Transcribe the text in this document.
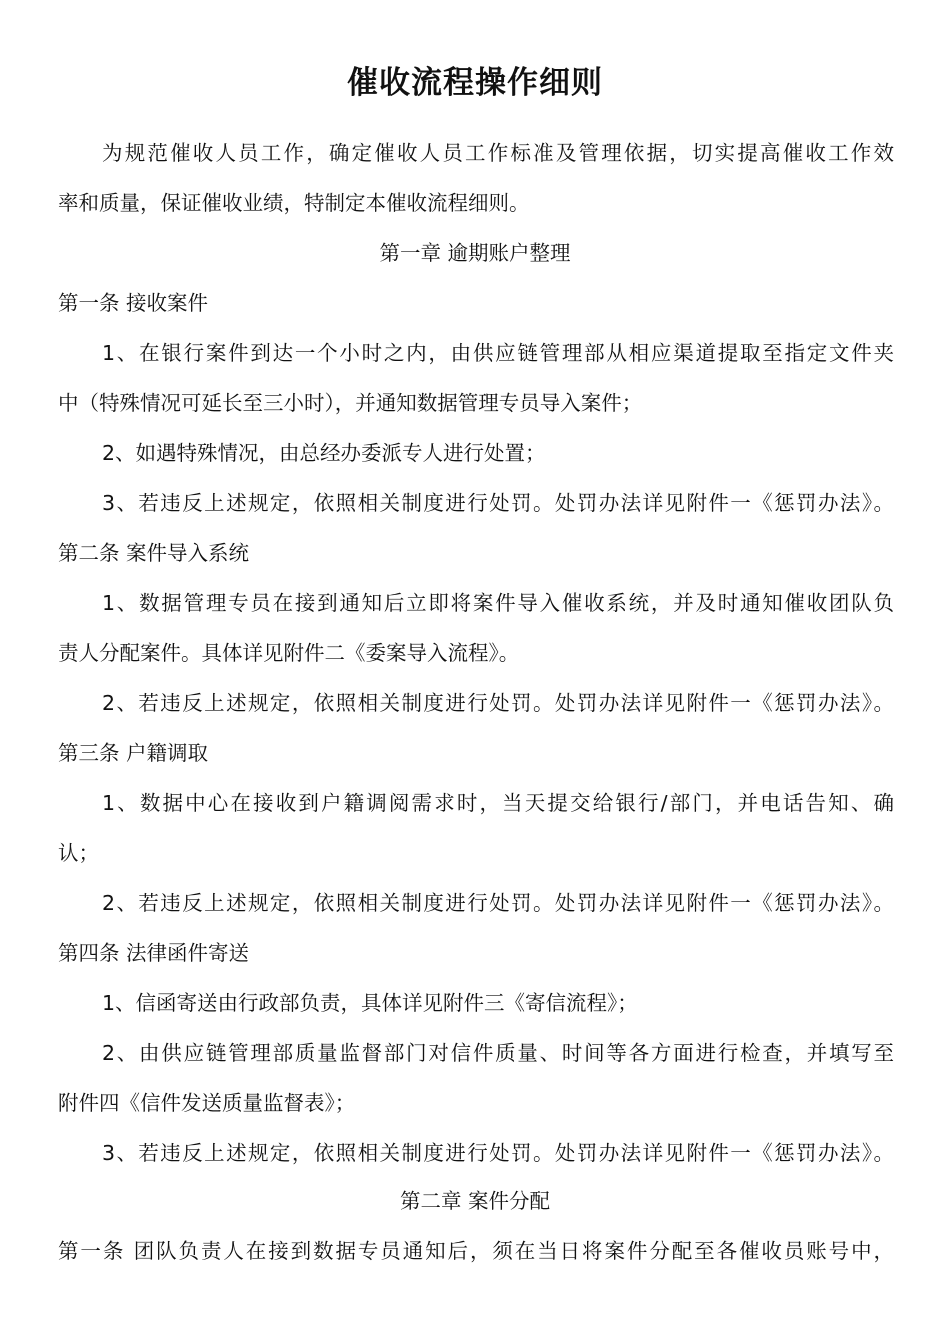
催收流程操作细则
为规范催收人员工作，确定催收人员工作标准及管理依据，切实提高催收工作效
率和质量，保证催收业绩，特制定本催收流程细则。
第一章 逾期账户整理
第一条 接收案件
1、在银行案件到达一个小时之内，由供应链管理部从相应渠道提取至指定文件夹
中（特殊情况可延长至三小时），并通知数据管理专员导入案件；
2、如遇特殊情况，由总经办委派专人进行处置；
3、若违反上述规定，依照相关制度进行处罚。处罚办法详见附件一《惩罚办法》。
第二条 案件导入系统
1、数据管理专员在接到通知后立即将案件导入催收系统，并及时通知催收团队负
责人分配案件。具体详见附件二《委案导入流程》。
2、若违反上述规定，依照相关制度进行处罚。处罚办法详见附件一《惩罚办法》。
第三条 户籍调取
1、数据中心在接收到户籍调阅需求时，当天提交给银行/部门，并电话告知、确
认；
2、若违反上述规定，依照相关制度进行处罚。处罚办法详见附件一《惩罚办法》。
第四条 法律函件寄送
1、信函寄送由行政部负责，具体详见附件三《寄信流程》；
2、由供应链管理部质量监督部门对信件质量、时间等各方面进行检查，并填写至
附件四《信件发送质量监督表》；
3、若违反上述规定，依照相关制度进行处罚。处罚办法详见附件一《惩罚办法》。
第二章 案件分配
第一条 团队负责人在接到数据专员通知后，须在当日将案件分配至各催收员账号中，
